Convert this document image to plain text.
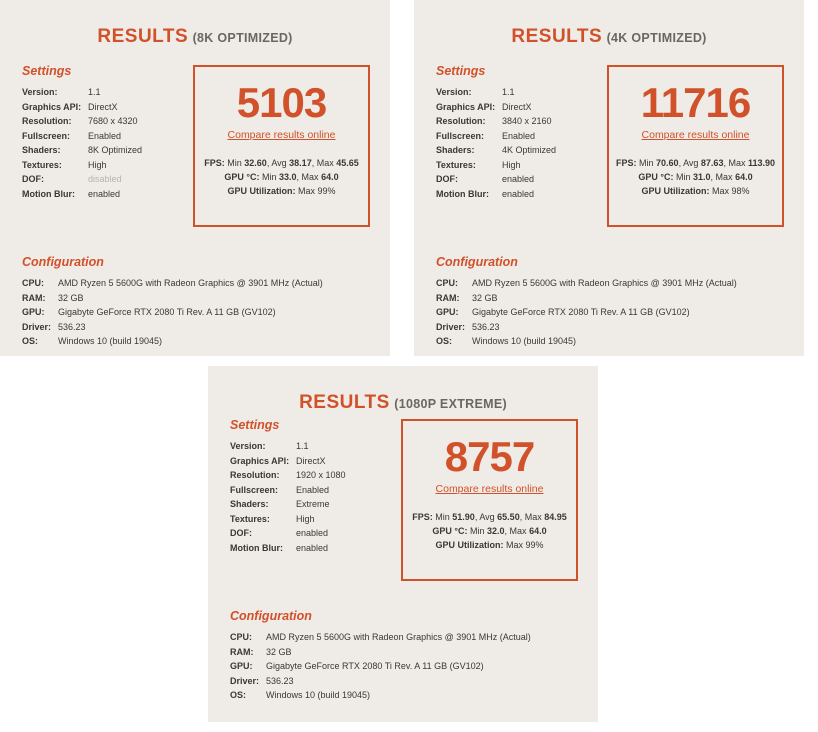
RESULTS (8K OPTIMIZED)
Settings
Version:	1.1
Graphics API: DirectX
Resolution:	7680 x 4320
Fullscreen:	Enabled
Shaders:	8K Optimized
Textures:	High
DOF:	disabled
Motion Blur:	enabled
5103
Compare results online
FPS: Min 32.60, Avg 38.17, Max 45.65
GPU °C: Min 33.0, Max 64.0
GPU Utilization: Max 99%
Configuration
CPU:	AMD Ryzen 5 5600G with Radeon Graphics @ 3901 MHz (Actual)
RAM:	32 GB
GPU:	Gigabyte GeForce RTX 2080 Ti Rev. A 11 GB (GV102)
Driver: 536.23
OS:	Windows 10 (build 19045)
RESULTS (4K OPTIMIZED)
Settings
Version:	1.1
Graphics API: DirectX
Resolution:	3840 x 2160
Fullscreen:	Enabled
Shaders:	4K Optimized
Textures:	High
DOF:	enabled
Motion Blur:	enabled
11716
Compare results online
FPS: Min 70.60, Avg 87.63, Max 113.90
GPU °C: Min 31.0, Max 64.0
GPU Utilization: Max 98%
Configuration
CPU:	AMD Ryzen 5 5600G with Radeon Graphics @ 3901 MHz (Actual)
RAM:	32 GB
GPU:	Gigabyte GeForce RTX 2080 Ti Rev. A 11 GB (GV102)
Driver: 536.23
OS:	Windows 10 (build 19045)
RESULTS (1080P EXTREME)
Settings
Version:	1.1
Graphics API: DirectX
Resolution:	1920 x 1080
Fullscreen:	Enabled
Shaders:	Extreme
Textures:	High
DOF:	enabled
Motion Blur:	enabled
8757
Compare results online
FPS: Min 51.90, Avg 65.50, Max 84.95
GPU °C: Min 32.0, Max 64.0
GPU Utilization: Max 99%
Configuration
CPU:	AMD Ryzen 5 5600G with Radeon Graphics @ 3901 MHz (Actual)
RAM:	32 GB
GPU:	Gigabyte GeForce RTX 2080 Ti Rev. A 11 GB (GV102)
Driver: 536.23
OS:	Windows 10 (build 19045)
